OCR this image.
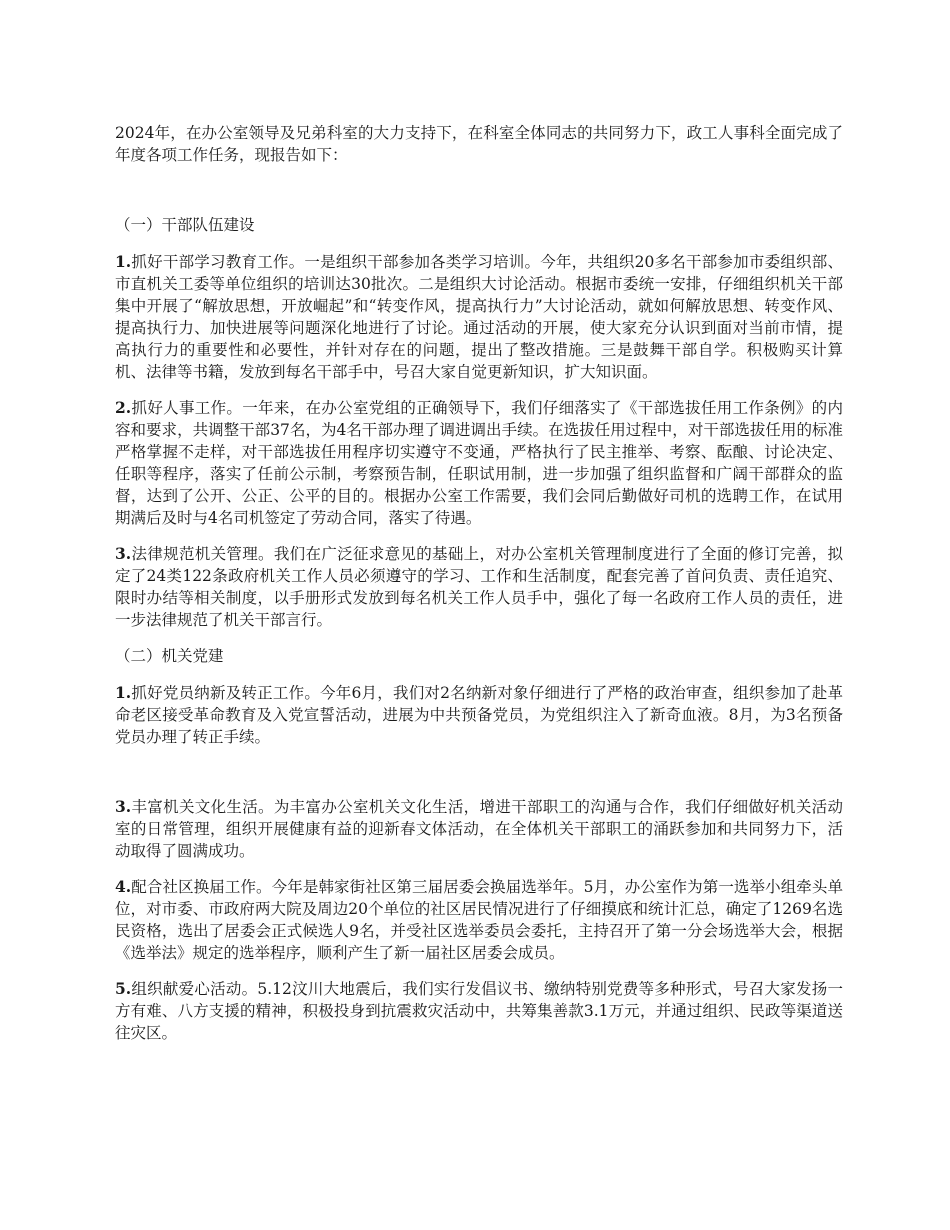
2024年，在办公室领导及兄弟科室的大力支持下，在科室全体同志的共同努力下，政工人事科全面完成了年度各项工作任务，现报告如下：

（一）干部队伍建设

1.抓好干部学习教育工作。一是组织干部参加各类学习培训。今年，共组织20多名干部参加市委组织部、市直机关工委等单位组织的培训达30批次。二是组织大讨论活动。根据市委统一安排，仔细组织机关干部集中开展了“解放思想，开放崛起”和“转变作风，提高执行力”大讨论活动，就如何解放思想、转变作风、提高执行力、加快进展等问题深化地进行了讨论。通过活动的开展，使大家充分认识到面对当前市情，提高执行力的重要性和必要性，并针对存在的问题，提出了整改措施。三是鼓舞干部自学。积极购买计算机、法律等书籍，发放到每名干部手中，号召大家自觉更新知识，扩大知识面。

2.抓好人事工作。一年来，在办公室党组的正确领导下，我们仔细落实了《干部选拔任用工作条例》的内容和要求，共调整干部37名，为4名干部办理了调进调出手续。在选拔任用过程中，对干部选拔任用的标准严格掌握不走样，对干部选拔任用程序切实遵守不变通，严格执行了民主推举、考察、酝酿、讨论决定、任职等程序，落实了任前公示制，考察预告制，任职试用制，进一步加强了组织监督和广阔干部群众的监督，达到了公开、公正、公平的目的。根据办公室工作需要，我们会同后勤做好司机的选聘工作，在试用期满后及时与4名司机签定了劳动合同，落实了待遇。

3.法律规范机关管理。我们在广泛征求意见的基础上，对办公室机关管理制度进行了全面的修订完善，拟定了24类122条政府机关工作人员必须遵守的学习、工作和生活制度，配套完善了首问负责、责任追究、限时办结等相关制度，以手册形式发放到每名机关工作人员手中，强化了每一名政府工作人员的责任，进一步法律规范了机关干部言行。

（二）机关党建

1.抓好党员纳新及转正工作。今年6月，我们对2名纳新对象仔细进行了严格的政治审查，组织参加了赴革命老区接受革命教育及入党宣誓活动，进展为中共预备党员，为党组织注入了新奇血液。8月，为3名预备党员办理了转正手续。

3.丰富机关文化生活。为丰富办公室机关文化生活，增进干部职工的沟通与合作，我们仔细做好机关活动室的日常管理，组织开展健康有益的迎新春文体活动，在全体机关干部职工的涌跃参加和共同努力下，活动取得了圆满成功。

4.配合社区换届工作。今年是韩家街社区第三届居委会换届选举年。5月，办公室作为第一选举小组牵头单位，对市委、市政府两大院及周边20个单位的社区居民情况进行了仔细摸底和统计汇总，确定了1269名选民资格，选出了居委会正式候选人9名，并受社区选举委员会委托，主持召开了第一分会场选举大会，根据《选举法》规定的选举程序，顺利产生了新一届社区居委会成员。

5.组织献爱心活动。5.12汶川大地震后，我们实行发倡议书、缴纳特别党费等多种形式，号召大家发扬一方有难、八方支援的精神，积极投身到抗震救灾活动中，共筹集善款3.1万元，并通过组织、民政等渠道送往灾区。
